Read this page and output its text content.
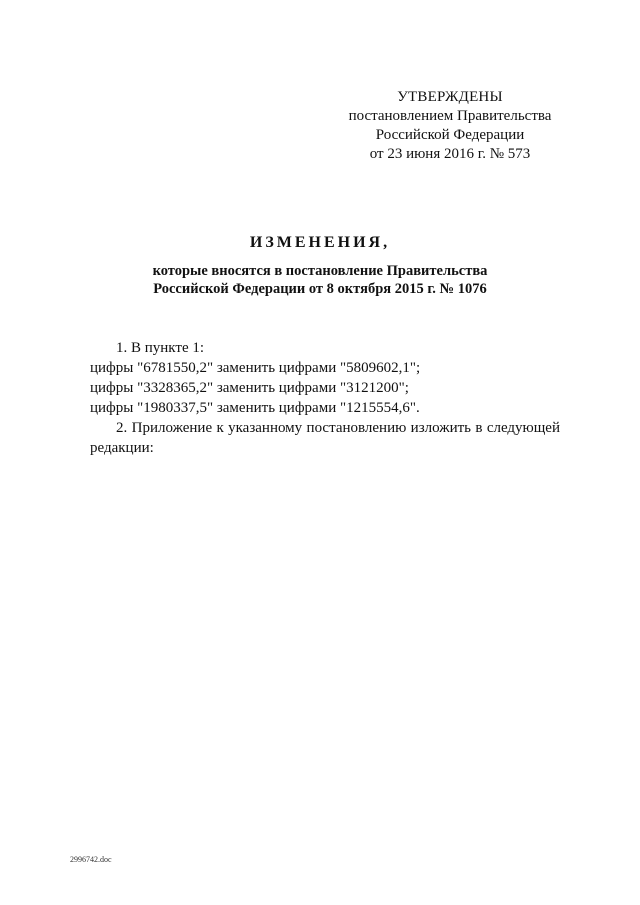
УТВЕРЖДЕНЫ
постановлением Правительства
Российской Федерации
от 23 июня 2016 г. № 573
ИЗМЕНЕНИЯ,
которые вносятся в постановление Правительства
Российской Федерации от 8 октября 2015 г. № 1076
1. В пункте 1:
цифры "6781550,2" заменить цифрами "5809602,1";
цифры "3328365,2" заменить цифрами "3121200";
цифры "1980337,5" заменить цифрами "1215554,6".
2. Приложение к указанному постановлению изложить в следующей
редакции:
2996742.doc
